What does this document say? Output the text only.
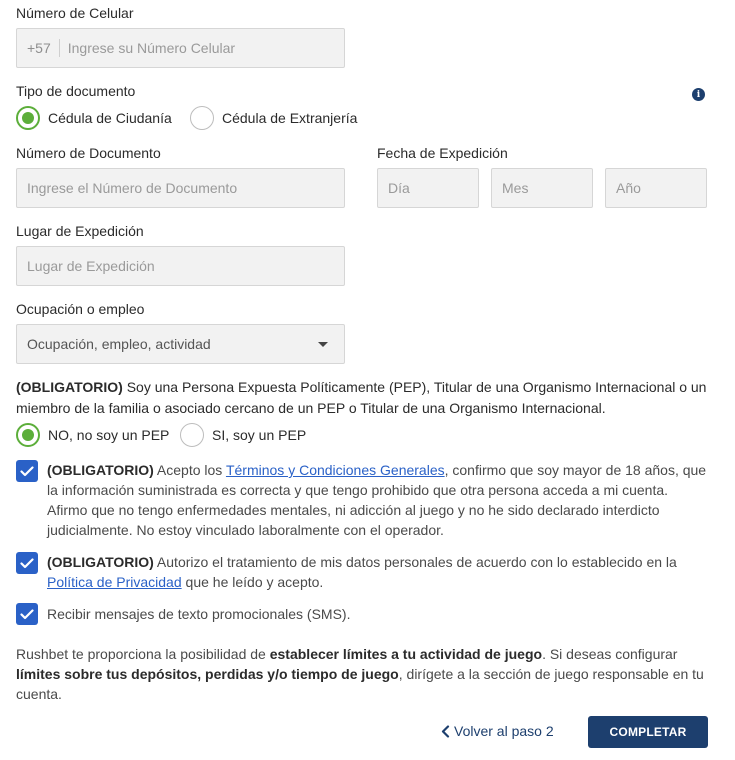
Número de Celular
+57	Ingrese su Número Celular
Tipo de documento	i
Cédula de Ciudanía	Cédula de Extranjería
Número de Documento
Ingrese el Número de Documento
Fecha de Expedición
Día	Mes	Año
Lugar de Expedición
Lugar de Expedición
Ocupación o empleo
Ocupación, empleo, actividad
(OBLIGATORIO) Soy una Persona Expuesta Políticamente (PEP), Titular de una Organismo Internacional o un miembro de la familia o asociado cercano de un PEP o Titular de una Organismo Internacional.
NO, no soy un PEP	SI, soy un PEP
(OBLIGATORIO) Acepto los Términos y Condiciones Generales, confirmo que soy mayor de 18 años, que la información suministrada es correcta y que tengo prohibido que otra persona acceda a mi cuenta. Afirmo que no tengo enfermedades mentales, ni adicción al juego y no he sido declarado interdicto judicialmente. No estoy vinculado laboralmente con el operador.
(OBLIGATORIO) Autorizo el tratamiento de mis datos personales de acuerdo con lo establecido en la Política de Privacidad que he leído y acepto.
Recibir mensajes de texto promocionales (SMS).
Rushbet te proporciona la posibilidad de establecer límites a tu actividad de juego. Si deseas configurar límites sobre tus depósitos, perdidas y/o tiempo de juego, dirígete a la sección de juego responsable en tu cuenta.
Volver al paso 2	COMPLETAR
